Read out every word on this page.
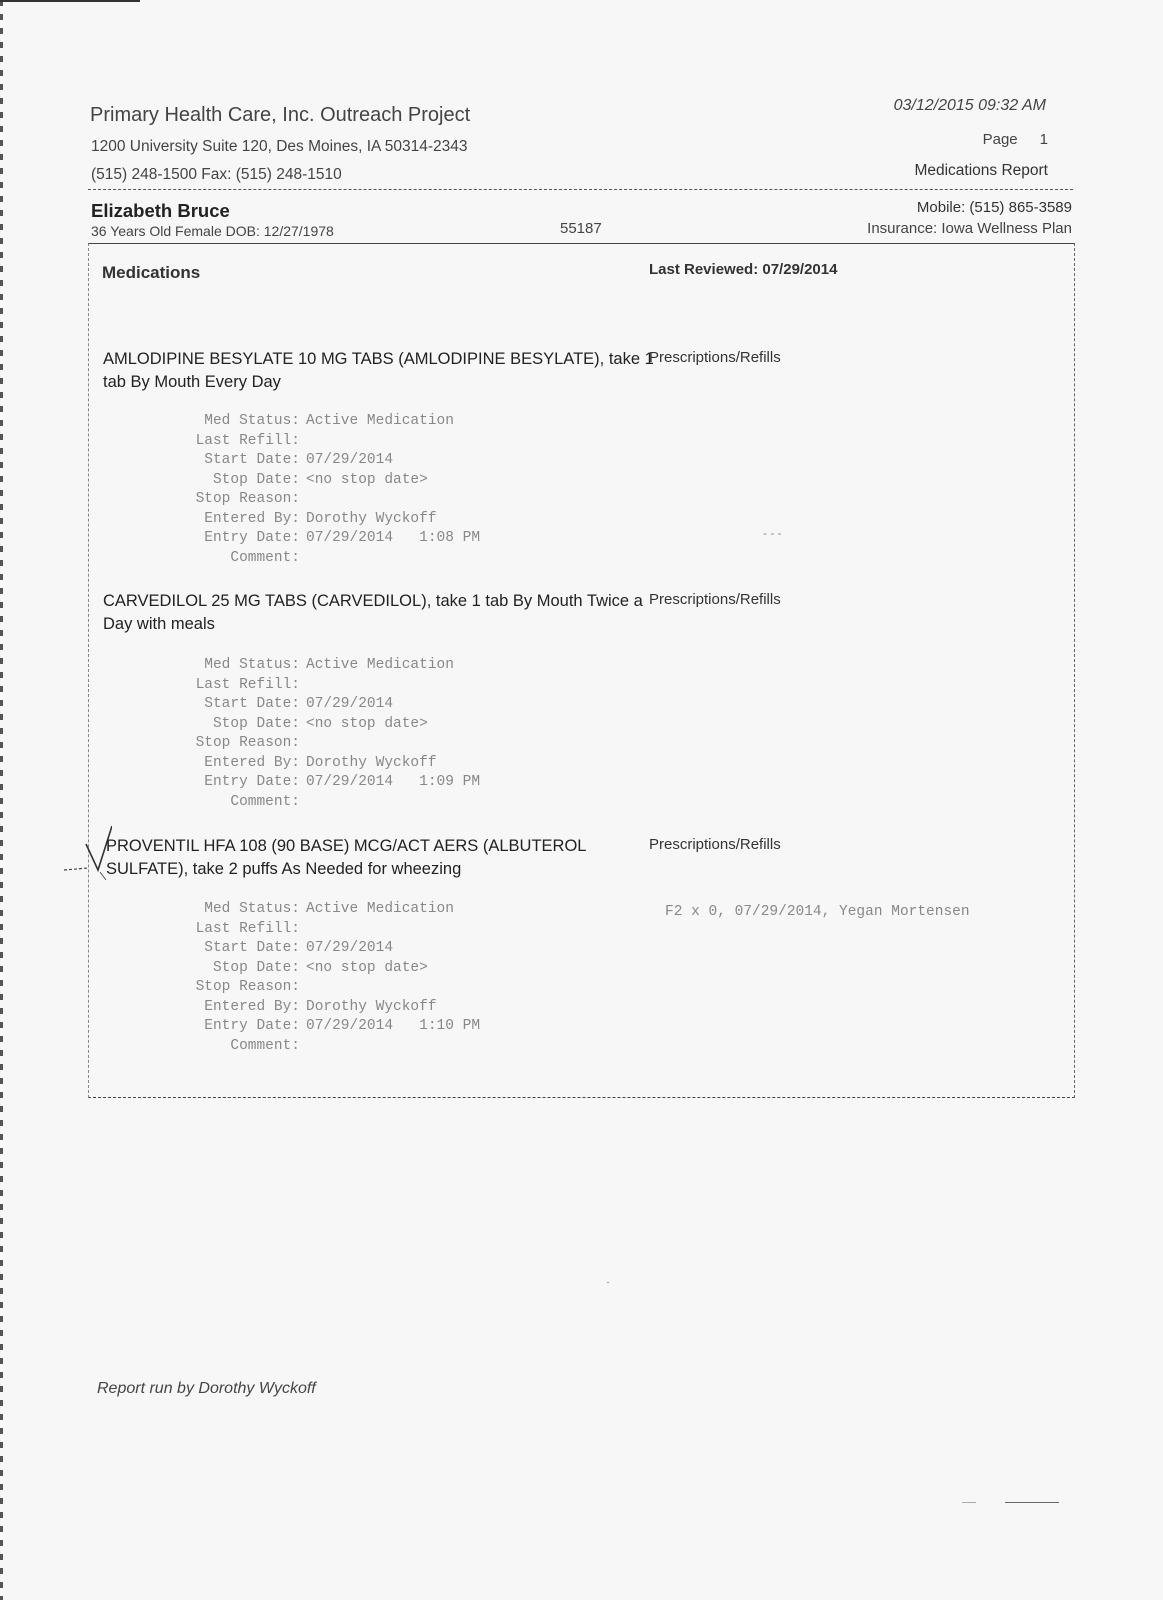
Primary Health Care, Inc. Outreach Project
1200 University Suite 120, Des Moines, IA 50314-2343
(515) 248-1500 Fax: (515) 248-1510
03/12/2015 09:32 AM
Page 1
Medications Report
Elizabeth Bruce
36 Years Old Female DOB: 12/27/1978	55187
Mobile: (515) 865-3589
Insurance: Iowa Wellness Plan
Medications	Last Reviewed: 07/29/2014
AMLODIPINE BESYLATE 10 MG TABS (AMLODIPINE BESYLATE), take 1 tab By Mouth Every Day
Prescriptions/Refills
Med Status: Active Medication
Last Refill:
Start Date: 07/29/2014
Stop Date: <no stop date>
Stop Reason:
Entered By: Dorothy Wyckoff
Entry Date: 07/29/2014   1:08 PM
Comment:
- - -
CARVEDILOL 25 MG TABS (CARVEDILOL), take 1 tab By Mouth Twice a Day with meals
Prescriptions/Refills
Med Status: Active Medication
Last Refill:
Start Date: 07/29/2014
Stop Date: <no stop date>
Stop Reason:
Entered By: Dorothy Wyckoff
Entry Date: 07/29/2014   1:09 PM
Comment:
PROVENTIL HFA 108 (90 BASE) MCG/ACT AERS (ALBUTEROL SULFATE), take 2 puffs As Needed for wheezing
Prescriptions/Refills
F2 x 0, 07/29/2014, Yegan Mortensen
Med Status: Active Medication
Last Refill:
Start Date: 07/29/2014
Stop Date: <no stop date>
Stop Reason:
Entered By: Dorothy Wyckoff
Entry Date: 07/29/2014   1:10 PM
Comment:
Report run by Dorothy Wyckoff
